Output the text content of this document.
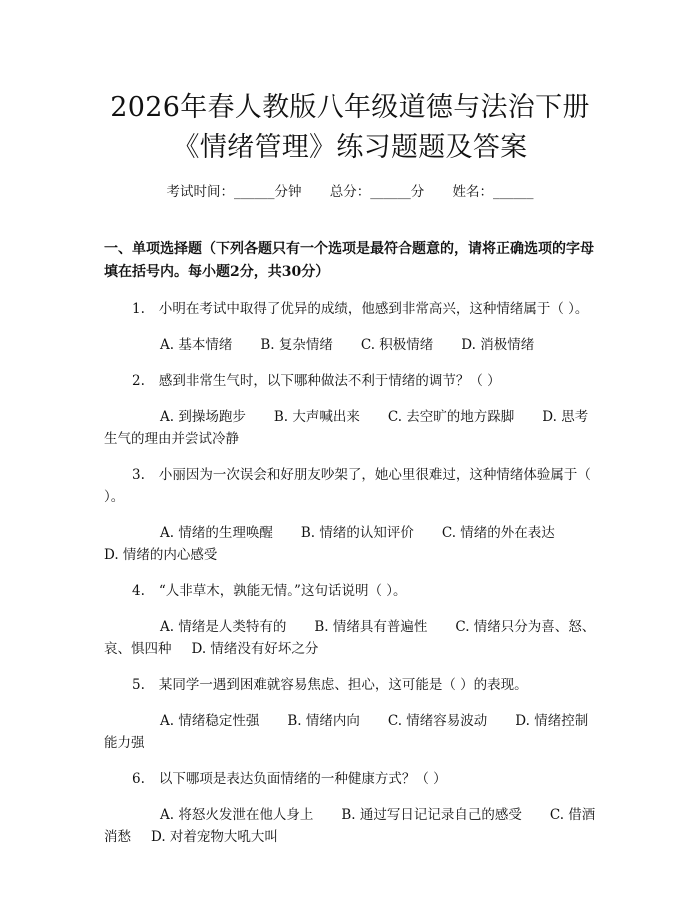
2026年春人教版八年级道德与法治下册《情绪管理》练习题题及答案
考试时间：______分钟 总分：______分 姓名：______
一、单项选择题（下列各题只有一个选项是最符合题意的，请将正确选项的字母填在括号内。每小题2分，共30分）
1. 小明在考试中取得了优异的成绩，他感到非常高兴，这种情绪属于（ ）。
A. 基本情绪 B. 复杂情绪 C. 积极情绪 D. 消极情绪
2. 感到非常生气时，以下哪种做法不利于情绪的调节？（ ）
A. 到操场跑步 B. 大声喊出来 C. 去空旷的地方跺脚 D. 思考生气的理由并尝试冷静
3. 小丽因为一次误会和好朋友吵架了，她心里很难过，这种情绪体验属于（ ）。
A. 情绪的生理唤醒 B. 情绪的认知评价 C. 情绪的外在表达D. 情绪的内心感受
4. “人非草木，孰能无情。”这句话说明（ ）。
A. 情绪是人类特有的 B. 情绪具有普遍性 C. 情绪只分为喜、怒、哀、惧四种 D. 情绪没有好坏之分
5. 某同学一遇到困难就容易焦虑、担心，这可能是（ ）的表现。
A. 情绪稳定性强 B. 情绪内向 C. 情绪容易波动 D. 情绪控制能力强
6. 以下哪项是表达负面情绪的一种健康方式？（ ）
A. 将怒火发泄在他人身上 B. 通过写日记记录自己的感受 C. 借酒消愁 D. 对着宠物大吼大叫
